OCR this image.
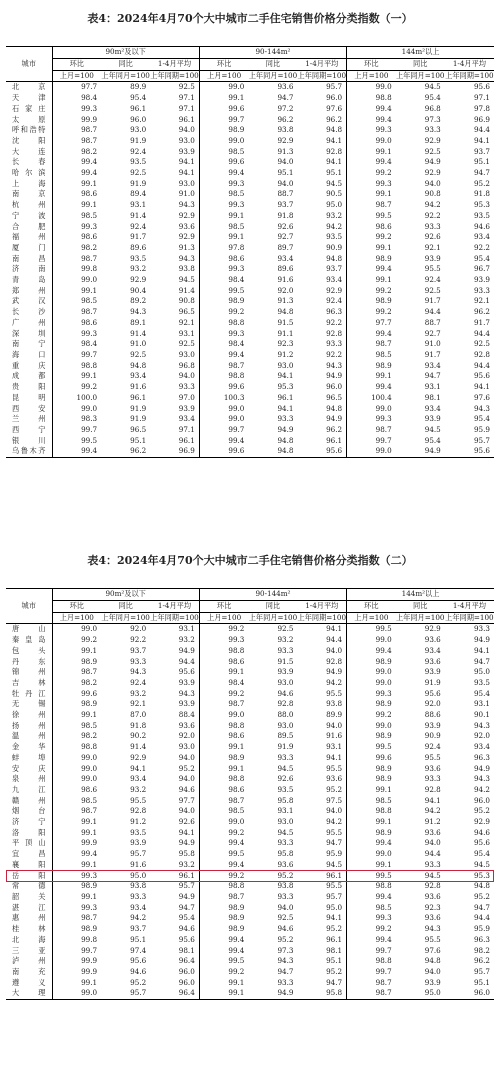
表4：2024年4月70个大中城市二手住宅销售价格分类指数（一）
城市	90m²及以下			90-144m²			144m²以上		
	环比	同比	1-4月平均	环比	同比	1-4月平均	环比	同比	1-4月平均
	上月=100	上年同月=100	上年同期=100	上月=100	上年同月=100	上年同期=100	上月=100	上年同月=100	上年同期=100
北京	97.7	89.9	92.5	99.0	93.6	95.7	99.0	94.5	95.6
天津	98.4	95.4	97.1	99.1	94.7	96.0	98.8	95.4	97.1
石家庄	99.3	96.1	97.1	99.6	97.2	97.6	99.4	96.8	97.8
太原	99.9	96.0	96.1	99.7	96.2	96.2	99.4	97.3	96.9
呼和浩特	98.7	93.0	94.0	98.9	93.8	94.8	99.3	93.3	94.4
沈阳	98.7	91.9	93.0	99.0	92.9	94.1	99.0	92.9	94.1
大连	98.2	92.4	93.9	98.5	91.3	92.8	99.1	92.5	93.7
长春	99.4	93.5	94.1	99.6	94.0	94.1	99.4	94.9	95.1
哈尔滨	99.4	92.5	94.1	99.4	95.1	95.1	99.2	92.9	94.7
上海	99.1	91.9	93.0	99.3	94.0	94.5	99.3	94.0	95.2
南京	98.6	89.4	91.0	98.5	88.7	90.5	99.1	90.8	91.8
杭州	99.1	93.1	94.3	99.3	93.7	95.0	98.7	94.2	95.3
宁波	98.5	91.4	92.9	99.1	91.8	93.2	99.5	92.2	93.5
合肥	99.3	92.4	93.6	98.5	92.6	94.2	98.6	93.3	94.6
福州	98.6	91.7	92.9	99.1	92.7	93.5	99.2	92.6	93.4
厦门	98.2	89.6	91.3	97.8	89.7	90.9	99.1	92.1	92.2
南昌	98.7	93.5	94.3	98.6	93.4	94.8	98.9	93.9	95.4
济南	99.8	93.2	93.8	99.3	89.6	93.7	99.4	95.5	96.7
青岛	99.0	92.9	94.5	98.4	91.6	93.4	99.1	92.4	93.9
郑州	99.1	90.4	91.4	99.5	92.0	92.9	99.2	92.5	93.3
武汉	98.5	89.2	90.8	98.9	91.3	92.4	98.9	91.7	92.1
长沙	98.7	94.3	96.5	99.2	94.8	96.3	99.2	94.4	96.2
广州	98.6	89.1	92.1	98.8	91.5	92.2	97.7	88.7	91.7
深圳	99.3	91.4	93.1	99.3	91.1	92.8	99.4	92.7	94.4
南宁	98.4	91.0	92.5	98.4	92.3	93.3	98.7	91.0	92.5
海口	99.7	92.5	93.0	99.4	91.2	92.2	98.5	91.7	92.8
重庆	98.8	94.8	96.8	98.7	93.0	94.3	98.9	93.4	94.4
成都	99.1	93.4	94.0	98.8	94.1	94.9	99.1	94.7	95.6
贵阳	99.2	91.6	93.3	99.6	95.3	96.0	99.4	93.1	94.1
昆明	100.0	96.1	97.0	100.3	96.1	96.5	100.4	98.1	97.6
西安	99.0	91.9	93.9	99.0	94.1	94.8	99.0	93.4	94.3
兰州	98.3	91.9	93.4	99.0	93.3	94.9	99.3	93.9	95.4
西宁	99.7	96.5	97.1	99.7	94.9	96.2	98.7	94.5	95.9
银川	99.5	95.1	96.1	99.4	94.8	96.1	99.7	95.4	95.7
乌鲁木齐	99.4	96.2	96.9	99.6	94.8	95.6	99.0	94.9	95.6
表4：2024年4月70个大中城市二手住宅销售价格分类指数（二）
城市	90m²及以下			90-144m²			144m²以上		
	环比	同比	1-4月平均	环比	同比	1-4月平均	环比	同比	1-4月平均
	上月=100	上年同月=100	上年同期=100	上月=100	上年同月=100	上年同期=100	上月=100	上年同月=100	上年同期=100
唐山	99.0	92.0	93.1	99.2	92.5	94.1	99.5	92.9	93.3
秦皇岛	99.2	92.2	93.2	99.3	93.2	94.4	99.0	93.6	94.9
包头	99.1	93.7	94.9	98.8	93.3	94.0	99.4	93.4	94.1
丹东	98.9	93.3	94.4	98.6	91.5	92.8	98.9	93.6	94.7
锦州	98.7	94.3	95.6	99.1	93.9	94.9	99.0	93.9	95.0
吉林	98.2	92.4	93.9	98.4	93.0	94.2	99.0	91.9	93.5
牡丹江	99.6	93.2	94.3	99.2	94.6	95.5	99.3	95.6	95.4
无锡	98.9	92.1	93.9	98.7	92.8	93.8	98.9	92.0	93.1
徐州	99.1	87.0	88.4	99.0	88.0	89.9	99.2	88.6	90.1
扬州	98.5	91.8	93.6	98.8	93.0	94.0	99.0	93.9	94.3
温州	98.2	90.2	92.0	98.6	89.5	91.6	98.9	90.9	92.0
金华	98.8	91.4	93.0	99.1	91.9	93.1	99.5	92.4	93.4
蚌埠	99.0	92.9	94.0	98.9	93.3	94.1	99.6	95.5	96.3
安庆	99.0	94.1	95.2	99.1	94.5	95.5	98.9	93.6	94.9
泉州	99.0	93.4	94.0	98.8	92.6	93.6	98.9	93.3	94.3
九江	98.6	93.2	94.6	98.6	93.5	95.2	99.1	92.8	94.2
赣州	98.5	95.5	97.7	98.7	95.8	97.5	98.5	94.1	96.0
烟台	98.7	92.8	94.0	98.5	93.1	94.0	98.8	94.2	95.2
济宁	99.1	91.2	92.6	99.0	93.0	94.2	99.1	91.2	92.9
洛阳	99.1	93.5	94.1	99.2	94.5	95.5	98.9	93.6	94.6
平顶山	99.9	93.9	94.9	99.4	93.3	94.7	99.4	94.0	95.6
宜昌	99.4	95.7	95.8	99.5	95.8	95.9	99.0	94.4	95.4
襄阳	99.1	91.6	93.2	99.4	93.6	94.5	99.1	93.3	94.5
岳阳	99.3	95.0	96.1	99.2	95.2	96.1	99.5	94.5	95.3
常德	98.9	93.8	95.7	98.8	93.8	95.5	98.8	92.8	94.8
韶关	99.1	93.3	94.9	98.7	93.3	95.7	99.4	93.6	95.2
湛江	99.3	93.4	94.7	98.9	94.0	95.0	98.5	92.3	94.7
惠州	98.7	94.2	95.4	98.9	92.5	94.1	99.3	93.6	94.4
桂林	98.9	93.7	94.6	98.9	94.6	95.2	99.2	94.3	95.9
北海	99.8	95.1	95.6	99.4	95.2	96.1	99.4	95.5	96.3
三亚	99.7	97.4	98.1	99.4	97.3	98.1	99.7	97.6	98.2
泸州	99.9	95.6	96.4	99.5	94.3	95.1	98.8	94.8	96.2
南充	99.9	94.6	96.0	99.2	94.7	95.2	99.7	94.0	95.7
遵义	99.1	95.2	96.0	99.1	93.3	94.7	98.7	93.9	95.1
大理	99.0	95.7	96.4	99.1	94.9	95.8	98.7	95.0	96.0
